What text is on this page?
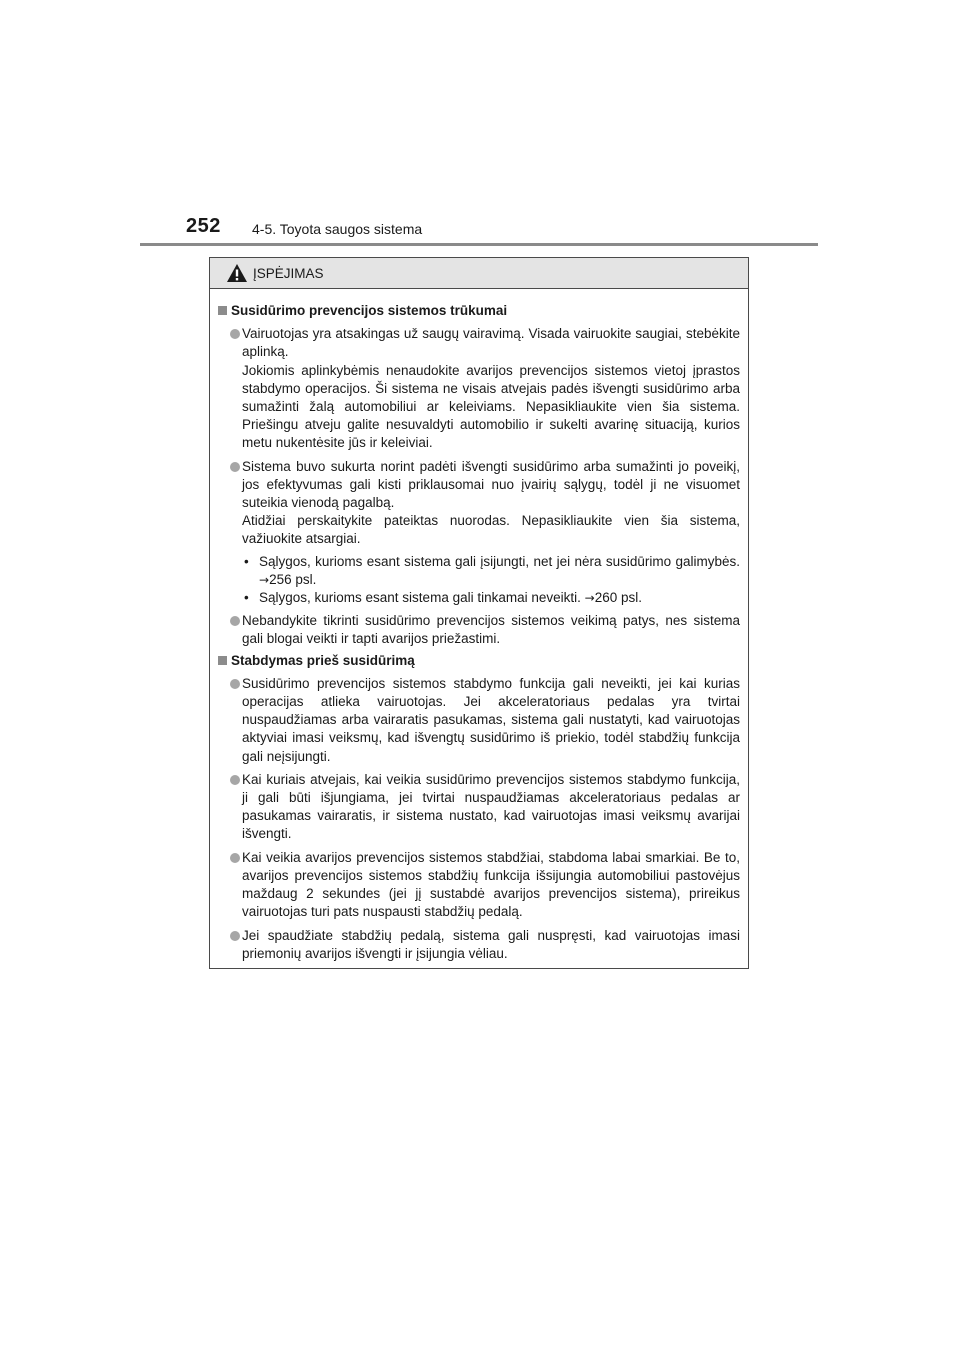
252 4-5. Toyota saugos sistema
ĮSPĖJIMAS
Susidūrimo prevencijos sistemos trūkumai
Vairuotojas yra atsakingas už saugų vairavimą. Visada vairuokite saugiai, stebėkite aplinką.
Jokiomis aplinkybėmis nenaudokite avarijos prevencijos sistemos vietoj įprastos stabdymo operacijos. Ši sistema ne visais atvejais padės išvengti susidūrimo arba sumažinti žalą automobiliui ar keleiviams. Nepasikliaukite vien šia sistema. Priešingu atveju galite nesuvaldyti automobilio ir sukelti avarinę situaciją, kurios metu nukentėsite jūs ir keleiviai.
Sistema buvo sukurta norint padėti išvengti susidūrimo arba sumažinti jo poveikį, jos efektyvumas gali kisti priklausomai nuo įvairių sąlygų, todėl ji ne visuomet suteikia vienodą pagalbą.
Atidžiai perskaitykite pateiktas nuorodas. Nepasikliaukite vien šia sistema, važiuokite atsargiai.
• Sąlygos, kurioms esant sistema gali įsijungti, net jei nėra susidūrimo galimybės. →256 psl.
• Sąlygos, kurioms esant sistema gali tinkamai neveikti. →260 psl.
Nebandykite tikrinti susidūrimo prevencijos sistemos veikimą patys, nes sistema gali blogai veikti ir tapti avarijos priežastimi.
Stabdymas prieš susidūrimą
Susidūrimo prevencijos sistemos stabdymo funkcija gali neveikti, jei kai kurias operacijas atlieka vairuotojas. Jei akceleratoriaus pedalas yra tvirtai nuspaudžiamas arba vairaratis pasukamas, sistema gali nustatyti, kad vairuotojas aktyviai imasi veiksmų, kad išvengtų susidūrimo iš priekio, todėl stabdžių funkcija gali neįsijungti.
Kai kuriais atvejais, kai veikia susidūrimo prevencijos sistemos stabdymo funkcija, ji gali būti išjungiama, jei tvirtai nuspaudžiamas akceleratoriaus pedalas ar pasukamas vairaratis, ir sistema nustato, kad vairuotojas imasi veiksmų avarijai išvengti.
Kai veikia avarijos prevencijos sistemos stabdžiai, stabdoma labai smarkiai. Be to, avarijos prevencijos sistemos stabdžių funkcija išsijungia automobiliui pastovėjus maždaug 2 sekundes (jei jį sustabdė avarijos prevencijos sistema), prireikus vairuotojas turi pats nuspausti stabdžių pedalą.
Jei spaudžiate stabdžių pedalą, sistema gali nuspręsti, kad vairuotojas imasi priemonių avarijos išvengti ir įsijungia vėliau.
